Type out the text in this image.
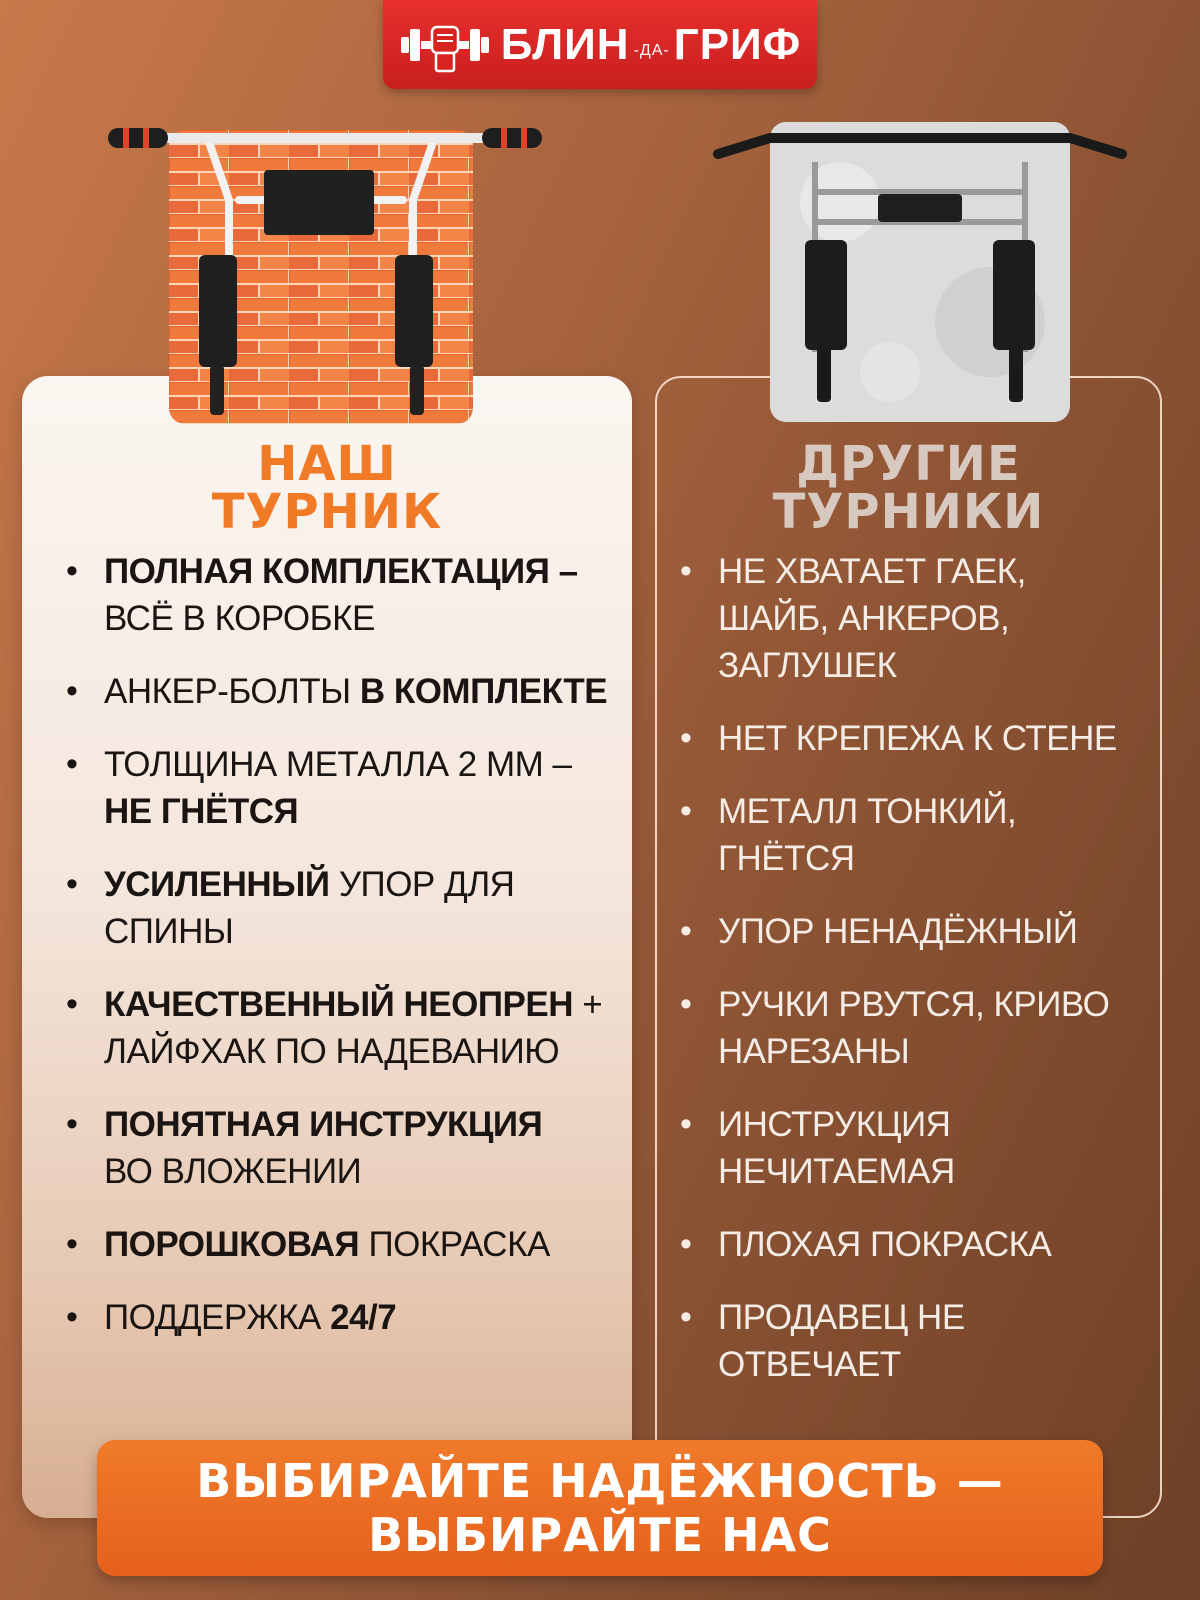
БЛИН -ДА- ГРИФ
НАШ
ТУРНИК
ДРУГИЕ
ТУРНИКИ
• ПОЛНАЯ КОМПЛЕКТАЦИЯ –
ВСЁ В КОРОБКЕ
• АНКЕР-БОЛТЫ В КОМПЛЕКТЕ
• ТОЛЩИНА МЕТАЛЛА 2 ММ –
НЕ ГНЁТСЯ
• УСИЛЕННЫЙ УПОР ДЛЯ СПИНЫ
• КАЧЕСТВЕННЫЙ НЕОПРЕН + ЛАЙФХАК ПО НАДЕВАНИЮ
• ПОНЯТНАЯ ИНСТРУКЦИЯ
ВО ВЛОЖЕНИИ
• ПОРОШКОВАЯ ПОКРАСКА
• ПОДДЕРЖКА 24/7
• НЕ ХВАТАЕТ ГАЕК, ШАЙБ, АНКЕРОВ, ЗАГЛУШЕК
• НЕТ КРЕПЕЖА К СТЕНЕ
• МЕТАЛЛ ТОНКИЙ, ГНЁТСЯ
• УПОР НЕНАДЁЖНЫЙ
• РУЧКИ РВУТСЯ, КРИВО НАРЕЗАНЫ
• ИНСТРУКЦИЯ НЕЧИТАЕМАЯ
• ПЛОХАЯ ПОКРАСКА
• ПРОДАВЕЦ НЕ ОТВЕЧАЕТ
ВЫБИРАЙТЕ НАДЁЖНОСТЬ —
ВЫБИРАЙТЕ НАС
